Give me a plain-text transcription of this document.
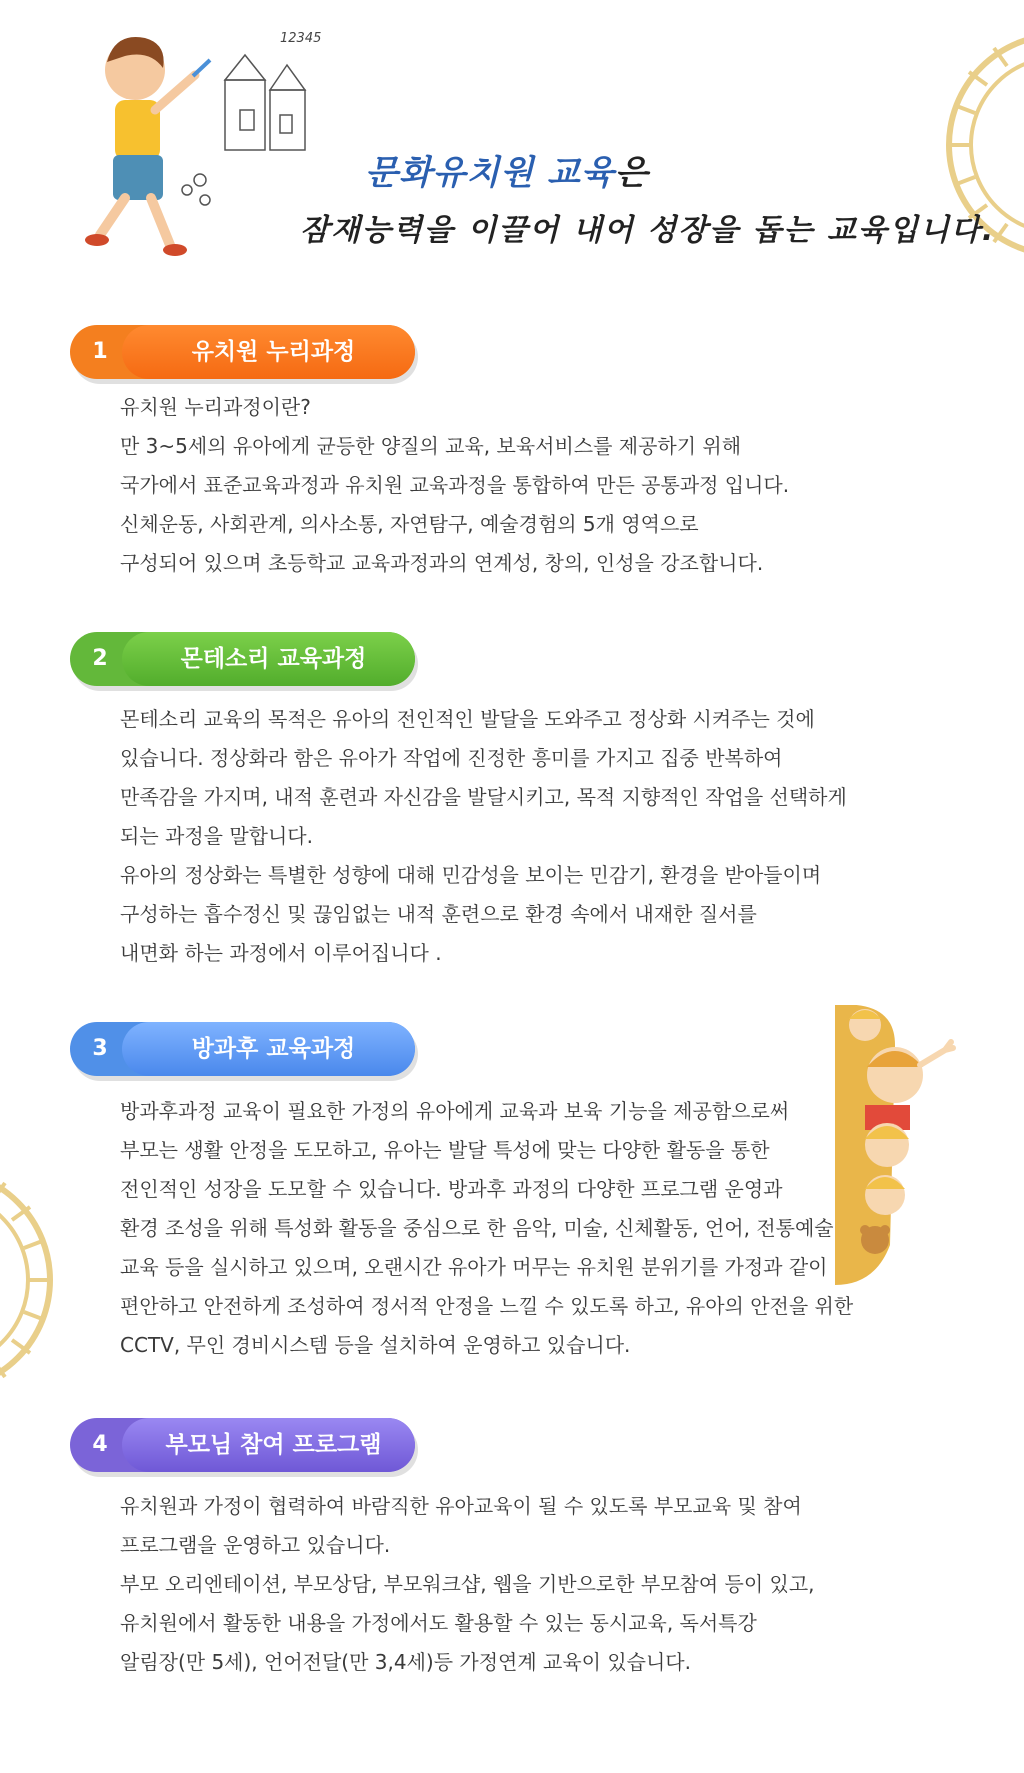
12345
문화유치원 교육은
잠재능력을 이끌어 내어 성장을 돕는 교육입니다.
1	유치원 누리과정
유치원 누리과정이란?
만 3~5세의 유아에게 균등한 양질의 교육, 보육서비스를 제공하기 위해
국가에서 표준교육과정과 유치원 교육과정을 통합하여 만든 공통과정 입니다.
신체운동, 사회관계, 의사소통, 자연탐구, 예술경험의 5개 영역으로
구성되어 있으며 초등학교 교육과정과의 연계성, 창의, 인성을 강조합니다.
2	몬테소리 교육과정
몬테소리 교육의 목적은 유아의 전인적인 발달을 도와주고 정상화 시켜주는 것에
있습니다. 정상화라 함은 유아가 작업에 진정한 흥미를 가지고 집중 반복하여
만족감을 가지며, 내적 훈련과 자신감을 발달시키고, 목적 지향적인 작업을 선택하게
되는 과정을 말합니다.
유아의 정상화는 특별한 성향에 대해 민감성을 보이는 민감기, 환경을 받아들이며
구성하는 흡수정신 및 끊임없는 내적 훈련으로 환경 속에서 내재한 질서를
내면화 하는 과정에서 이루어집니다 .
3	방과후 교육과정
방과후과정 교육이 필요한 가정의 유아에게 교육과 보육 기능을 제공함으로써
부모는 생활 안정을 도모하고, 유아는 발달 특성에 맞는 다양한 활동을 통한
전인적인 성장을 도모할 수 있습니다. 방과후 과정의 다양한 프로그램 운영과
환경 조성을 위해 특성화 활동을 중심으로 한 음악, 미술, 신체활동, 언어, 전통예술
교육 등을 실시하고 있으며, 오랜시간 유아가 머무는 유치원 분위기를 가정과 같이
편안하고 안전하게 조성하여 정서적 안정을 느낄 수 있도록 하고, 유아의 안전을 위한
CCTV, 무인 경비시스템 등을 설치하여 운영하고 있습니다.
4	부모님 참여 프로그램
유치원과 가정이 협력하여 바람직한 유아교육이 될 수 있도록 부모교육 및 참여
프로그램을 운영하고 있습니다.
부모 오리엔테이션, 부모상담, 부모워크샵, 웹을 기반으로한 부모참여 등이 있고,
유치원에서 활동한 내용을 가정에서도 활용할 수 있는 동시교육, 독서특강
알림장(만 5세), 언어전달(만 3,4세)등 가정연계 교육이 있습니다.
